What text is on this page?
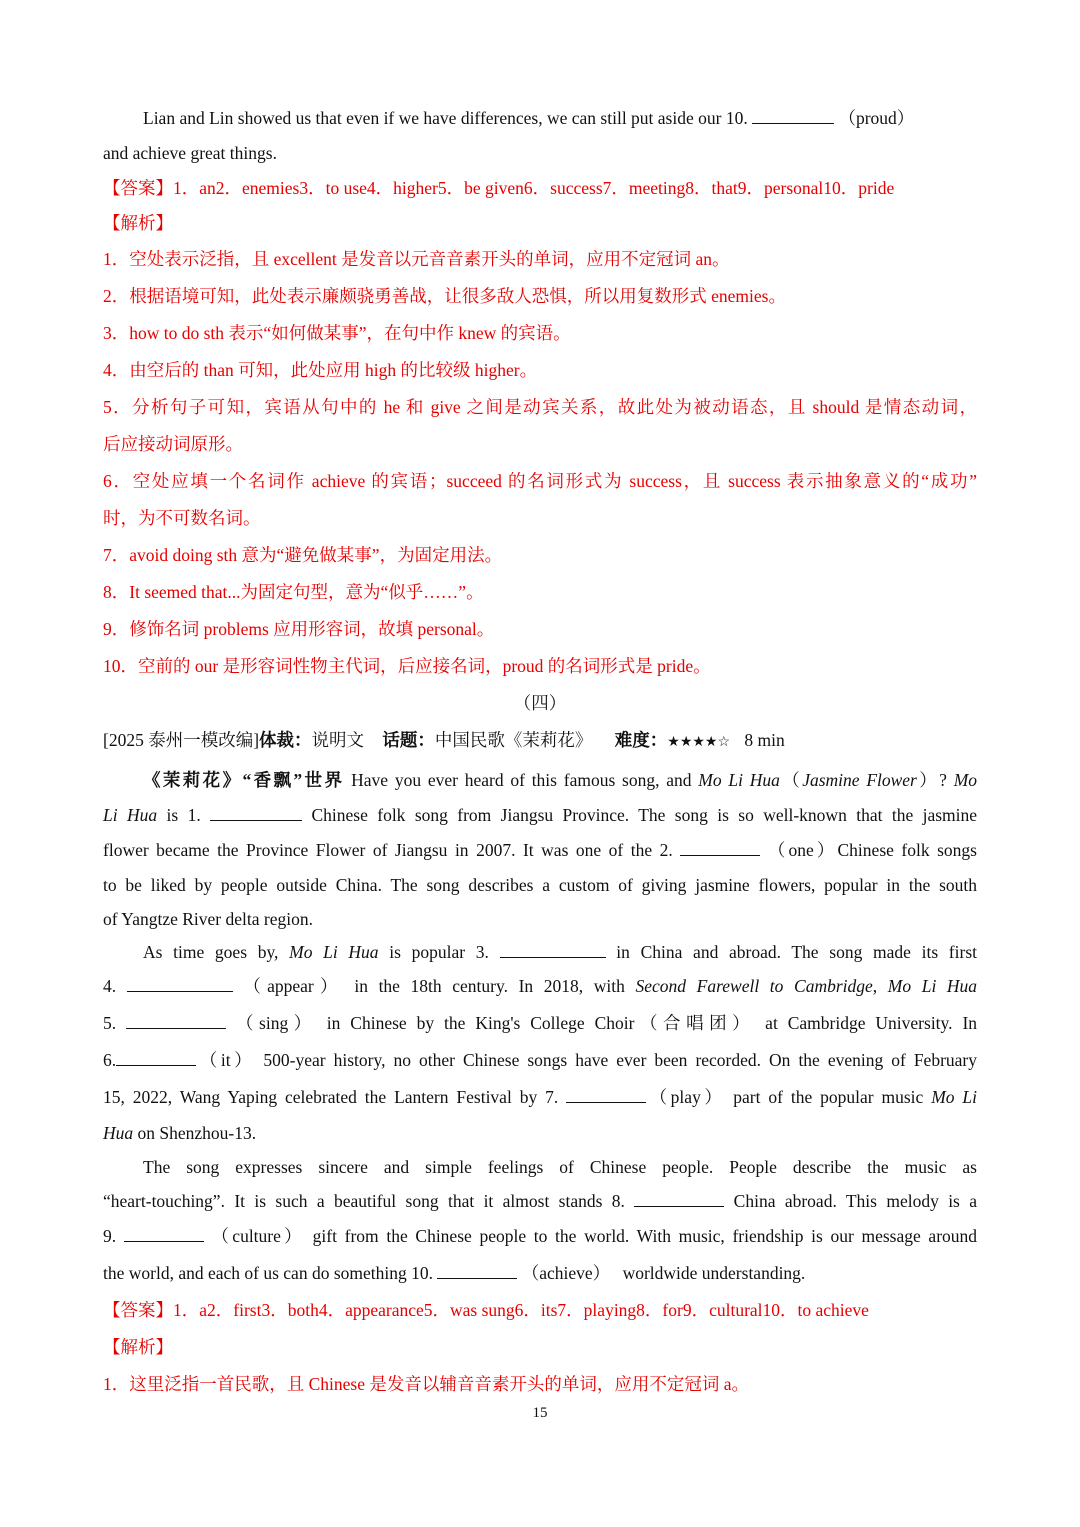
Lian and Lin showed us that even if we have differences, we can still put aside our 10.	（proud）
and achieve great things.
【答案】1．an2．enemies3．to use4．higher5．be given6．success7．meeting8．that9．personal10．pride
【解析】
1．空处表示泛指，且 excellent 是发音以元音音素开头的单词，应用不定冠词 an。
2．根据语境可知，此处表示廉颇骁勇善战，让很多敌人恐惧，所以用复数形式 enemies。
3．how to do sth 表示“如何做某事”，在句中作 knew 的宾语。
4．由空后的 than 可知，此处应用 high 的比较级 higher。
5．分析句子可知，宾语从句中的 he 和 give 之间是动宾关系，故此处为被动语态，且 should 是情态动词，
后应接动词原形。
6．空处应填一个名词作 achieve 的宾语；succeed 的名词形式为 success，且 success 表示抽象意义的“成功”
时，为不可数名词。
7．avoid doing sth 意为“避免做某事”，为固定用法。
8．It seemed that...为固定句型，意为“似乎……”。
9．修饰名词 problems 应用形容词，故填 personal。
10．空前的 our 是形容词性物主代词，后应接名词，proud 的名词形式是 pride。
（四）
[2025 泰州一模改编]体裁：说明文 话题：中国民歌《茉莉花》 难度：★★★★☆ 8 min
《茉莉花》“香飘”世界 Have you ever heard of this famous song, and Mo Li Hua（Jasmine Flower）? Mo
Li Hua is 1.	Chinese folk song from Jiangsu Province. The song is so well-known that the jasmine
flower became the Province Flower of Jiangsu in 2007. It was one of the 2.	（one）Chinese folk songs
to be liked by people outside China. The song describes a custom of giving jasmine flowers, popular in the south
of Yangtze River delta region.
As time goes by, Mo Li Hua is popular 3.	in China and abroad. The song made its first
4.	（appear） in the 18th century. In 2018, with Second Farewell to Cambridge, Mo Li Hua
5.	（sing） in Chinese by the King's College Choir（合唱团） at Cambridge University. In
6.	（it） 500-year history, no other Chinese songs have ever been recorded. On the evening of February
15, 2022, Wang Yaping celebrated the Lantern Festival by 7.	（play） part of the popular music Mo Li
Hua on Shenzhou-13.
The song expresses sincere and simple feelings of Chinese people. People describe the music as
“heart-touching”. It is such a beautiful song that it almost stands 8.	China abroad. This melody is a
9.	（culture） gift from the Chinese people to the world. With music, friendship is our message around
the world, and each of us can do something 10.	（achieve） worldwide understanding.
【答案】1．a2．first3．both4．appearance5．was sung6．its7．playing8．for9．cultural10．to achieve
【解析】
1．这里泛指一首民歌，且 Chinese 是发音以辅音音素开头的单词，应用不定冠词 a。
15
